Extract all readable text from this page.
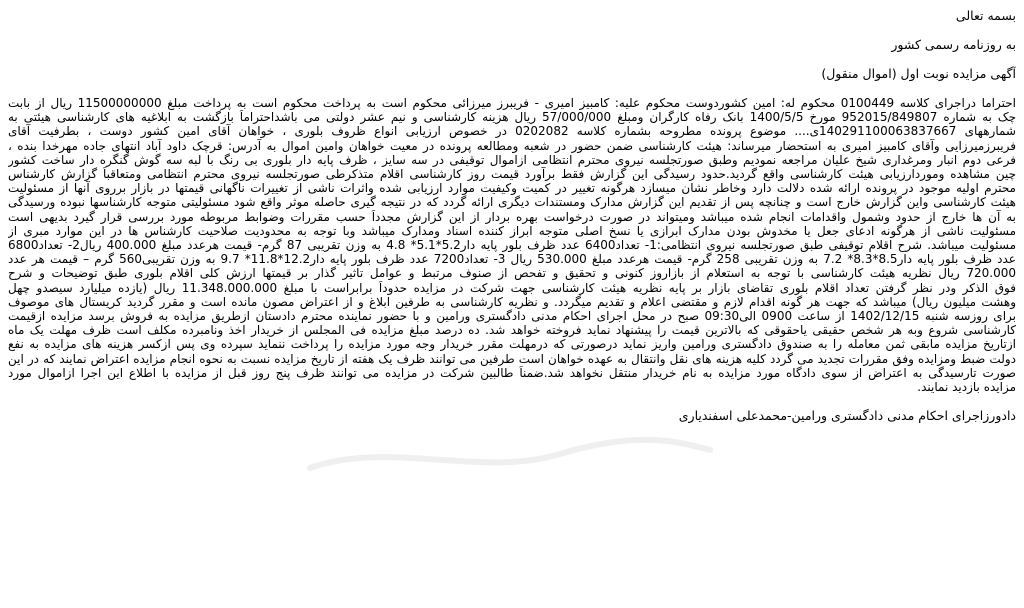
بسمه تعالی
به روزنامه رسمی کشور
آگهی مزایده نوبت اول (اموال منقول)
احتراما دراجرای کلاسه 0100449 محکوم له: امین کشوردوست محکوم علیه: کامبیز امیری - فریبرز میرزائی محکوم است به پرداخت محکوم است به پرداخت مبلغ 11500000000 ریال از بابت
چک به شماره 952015/849807 مورخ 1400/5/5 بانک رفاه کارگران ومبلغ 57/000/000 ریال هزینه کارشناسی و نیم عشر دولتی می باشداحتراماً بازگشت به ابلاغیه های کارشناسی هیئتی به
شمارههای 140291100063837667ی.... موضوع پرونده مطروحه بشماره کلاسه 0202082 در خصوص ارزیابی انواع ظروف بلوری ، خواهان آقای امین کشور دوست ، بطرفیت آقای
فریبرزمیرزایی وآقای کامبیز امیری به استحضار میرساند: هیئت کارشناسی ضمن حضور در شعبه ومطالعه پرونده در معیت خواهان وامین اموال به آدرس: قرچک داود آباد انتهای جاده مهرخدا بنده ،
فرعی دوم انبار ومرغداری شیخ علیان مراجعه نمودیم وطبق صورتجلسه نیروی محترم انتظامی ازاموال توقیفی در سه سایز ، ظرف پایه دار بلوری بی رنگ با لبه سه گوش گنگره دار ساخت کشور
چین مشاهده وموردارزیابی هیئت کارشناسی واقع گردید.حدود رسیدگی این گزارش فقط برآورد قیمت روز کارشناسی اقلام متذکرطی صورتجلسه نیروی محترم انتظامی ومتعاقباً گزارش کارشناس
محترم اولیه موجود در پرونده ارائه شده دلالت دارد وخاطر نشان میسازد هرگونه تغییر در کمیت وکیفیت موارد ارزیابی شده واثرات ناشی از تغییرات ناگهانی قیمتها در بازار برروی آنها از مسئولیت
هیئت کارشناسی واین گزارش خارج است و چنانچه پس از تقدیم این گزارش مدارک ومستندات دیگری ارائه گردد که در نتیجه گیری حاصله موثر واقع شود مسئولیتی متوجه کارشناسها نبوده ورسیدگی
به آن ها خارج از حدود وشمول واقدامات انجام شده میباشد ومیتواند در صورت درخواست بهره بردار از این گزارش مجدداً حسب مقررات وضوابط مربوطه مورد بررسی قرار گیرد بدیهی است
مسئولیت ناشی از هرگونه ادعای جعل یا مخدوش بودن مدارک ابرازی یا نسخ اصلی متوجه ابراز کننده اسناد ومدارک میباشد وبا توجه به محدودیت صلاحیت کارشناس ها در این موارد مبری از
مسئولیت میباشد. شرح اقلام توقیفی طبق صورتجلسه نیروی انتظامی:1- تعداد6400 عدد ظرف بلور پایه دار5.2*5.1* 4.8 به وزن تقریبی 87 گرم- قیمت هرعدد مبلغ 400.000 ریال2- تعداد6800
عدد ظرف بلور پایه دار8.5*8.3* 7.2 به وزن تقریبی 258 گرم- قیمت هرعدد مبلغ 530.000 ریال 3- تعداد7200 عدد ظرف بلور پایه دار12.2*11.8* 9.7 به وزن تقریبی560 گرم – قیمت هر عدد
720.000 ریال نظریه هیئت کارشناسی با توجه به استعلام از بازاروز کنونی و تحقیق و تفحص از صنوف مرتبط و عوامل تاثیر گذار بر قیمتها ارزش کلی اقلام بلوری طبق توضیحات و شرح
فوق الذکر ودر نظر گرفتن تعداد اقلام بلوری تقاضای بازار بر پایه نظریه هیئت کارشناسی جهت شرکت در مزایده حدوداً برابراست با مبلغ 11.348.000.000 ریال (یازده میلیارد سیصدو چهل
وهشت میلیون ریال) میباشد که جهت هر گونه اقدام لازم و مقتضی اعلام و تقدیم میگردد. و نظریه کارشناسی به طرفین ابلاغ و از اعتراض مصون مانده است و مقرر گردید کریستال های موصوف
برای روزسه شنبه 1402/12/15 از ساعت 0900 الی09:30 صبح در محل اجرای احکام مدنی دادگستری ورامین و با حضور نماینده محترم دادستان ازطریق مزایده به فروش برسد مزایده ازقیمت
کارشناسی شروع وبه هر شخص حقیقی یاحقوقی که بالاترین قیمت را پیشنهاد نماید فروخته خواهد شد. ده درصد مبلغ مزایده فی المجلس از خریدار اخذ ونامبرده مکلف است ظرف مهلت یک ماه
ازتاریخ مزایده مابقی ثمن معامله را به صندوق دادگستری ورامین واریز نماید درصورتی که درمهلت مقرر خریدار وجه مورد مزایده را پرداخت ننماید سپرده وی پس ازکسر هزینه های مزایده به نفع
دولت ضبط ومزایده وفق مقررات تجدید می گردد کلیه هزینه های نقل وانتقال به عهده خواهان است طرفین می توانند ظرف یک هفته از تاریخ مزایده نسبت به نحوه انجام مزایده اعتراض نمایند که در این
صورت تارسیدگی به اعتراض از سوی دادگاه مورد مزایده به نام خریدار منتقل نخواهد شد.ضمناً طالبین شرکت در مزایده می توانند ظرف پنج روز قبل از مزایده با اطلاع این اجرا ازاموال مورد
مزایده بازدید نمایند.
دادورزاجرای احکام مدنی دادگستری ورامین-محمدعلی اسفندیاری
